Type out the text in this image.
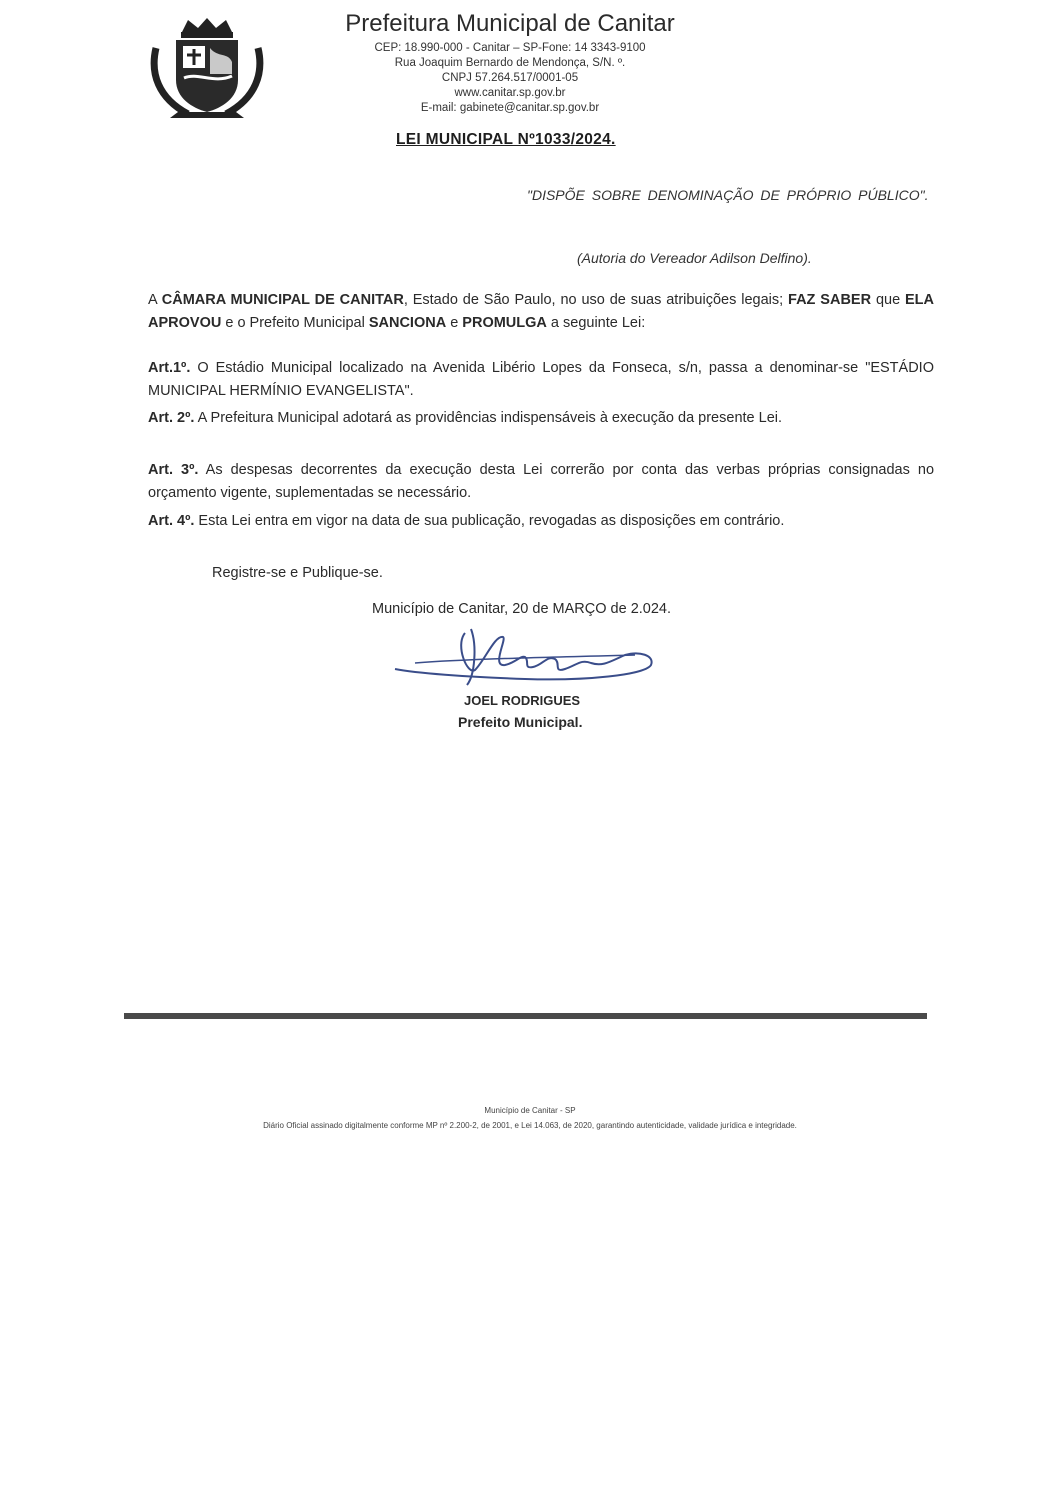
Prefeitura Municipal de Canitar
CEP: 18.990-000 - Canitar – SP-Fone: 14 3343-9100
Rua Joaquim Bernardo de Mendonça, S/N. º.
CNPJ 57.264.517/0001-05
www.canitar.sp.gov.br
E-mail: gabinete@canitar.sp.gov.br
LEI MUNICIPAL Nº1033/2024.
"DISPÕE SOBRE DENOMINAÇÃO DE PRÓPRIO PÚBLICO".
(Autoria do Vereador Adilson Delfino).
A CÂMARA MUNICIPAL DE CANITAR, Estado de São Paulo, no uso de suas atribuições legais; FAZ SABER que ELA APROVOU e o Prefeito Municipal SANCIONA e PROMULGA a seguinte Lei:
Art.1º. O Estádio Municipal localizado na Avenida Libério Lopes da Fonseca, s/n, passa a denominar-se "ESTÁDIO MUNICIPAL HERMÍNIO EVANGELISTA".
Art. 2º. A Prefeitura Municipal adotará as providências indispensáveis à execução da presente Lei.
Art. 3º. As despesas decorrentes da execução desta Lei correrão por conta das verbas próprias consignadas no orçamento vigente, suplementadas se necessário.
Art. 4º. Esta Lei entra em vigor na data de sua publicação, revogadas as disposições em contrário.
Registre-se e Publique-se.
Município de Canitar, 20 de MARÇO de 2.024.
JOEL RODRIGUES
Prefeito Municipal.
Município de Canitar - SP
Diário Oficial assinado digitalmente conforme MP nº 2.200-2, de 2001, e Lei 14.063, de 2020, garantindo autenticidade, validade jurídica e integridade.
